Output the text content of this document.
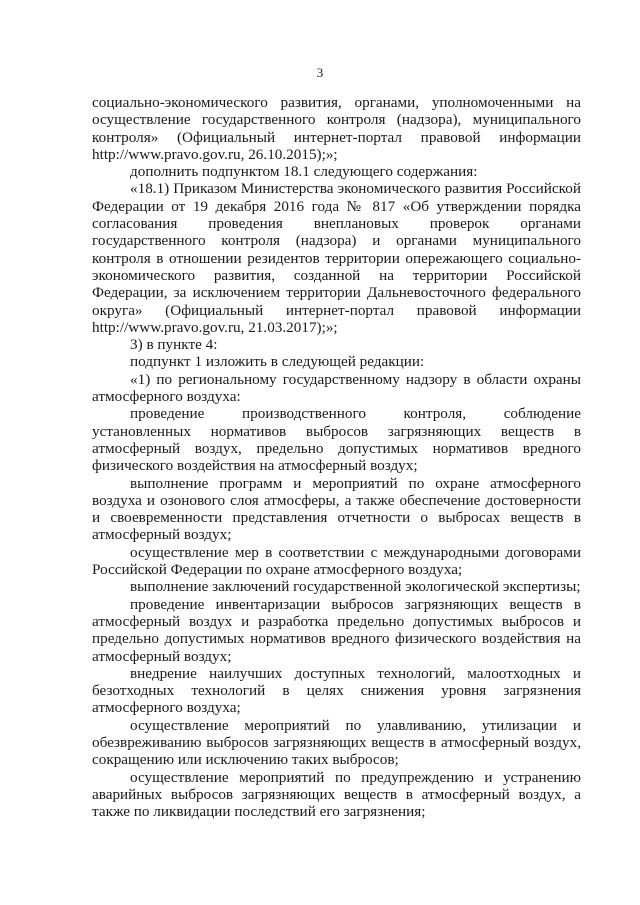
3

социально-экономического развития, органами, уполномоченными на осуществление государственного контроля (надзора), муниципального контроля» (Официальный интернет-портал правовой информации http://www.pravo.gov.ru, 26.10.2015);»;

дополнить подпунктом 18.1 следующего содержания:

«18.1) Приказом Министерства экономического развития Российской Федерации от 19 декабря 2016 года № 817 «Об утверждении порядка согласования проведения внеплановых проверок органами государственного контроля (надзора) и органами муниципального контроля в отношении резидентов территории опережающего социально-экономического развития, созданной на территории Российской Федерации, за исключением территории Дальневосточного федерального округа» (Официальный интернет-портал правовой информации http://www.pravo.gov.ru, 21.03.2017);»;

3) в пункте 4:

подпункт 1 изложить в следующей редакции:

«1) по региональному государственному надзору в области охраны атмосферного воздуха:

проведение производственного контроля, соблюдение установленных нормативов выбросов загрязняющих веществ в атмосферный воздух, предельно допустимых нормативов вредного физического воздействия на атмосферный воздух;

выполнение программ и мероприятий по охране атмосферного воздуха и озонового слоя атмосферы, а также обеспечение достоверности и своевременности представления отчетности о выбросах веществ в атмосферный воздух;

осуществление мер в соответствии с международными договорами Российской Федерации по охране атмосферного воздуха;

выполнение заключений государственной экологической экспертизы;

проведение инвентаризации выбросов загрязняющих веществ в атмосферный воздух и разработка предельно допустимых выбросов и предельно допустимых нормативов вредного физического воздействия на атмосферный воздух;

внедрение наилучших доступных технологий, малоотходных и безотходных технологий в целях снижения уровня загрязнения атмосферного воздуха;

осуществление мероприятий по улавливанию, утилизации и обезвреживанию выбросов загрязняющих веществ в атмосферный воздух, сокращению или исключению таких выбросов;

осуществление мероприятий по предупреждению и устранению аварийных выбросов загрязняющих веществ в атмосферный воздух, а также по ликвидации последствий его загрязнения;
